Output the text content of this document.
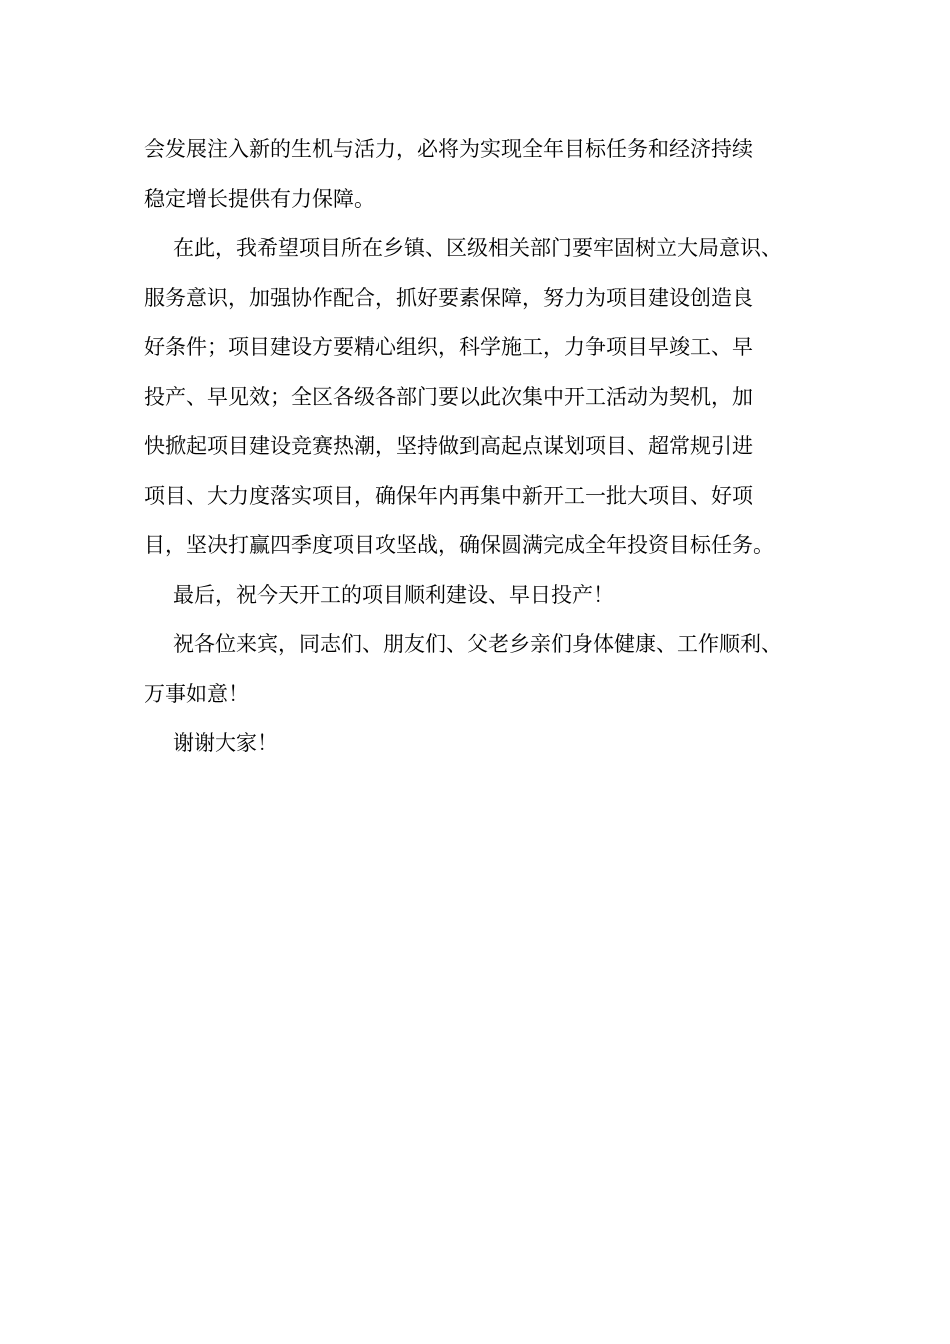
会发展注入新的生机与活力，必将为实现全年目标任务和经济持续
稳定增长提供有力保障。

在此，我希望项目所在乡镇、区级相关部门要牢固树立大局意识、
服务意识，加强协作配合，抓好要素保障，努力为项目建设创造良
好条件；项目建设方要精心组织，科学施工，力争项目早竣工、早
投产、早见效；全区各级各部门要以此次集中开工活动为契机，加
快掀起项目建设竞赛热潮，坚持做到高起点谋划项目、超常规引进
项目、大力度落实项目，确保年内再集中新开工一批大项目、好项
目，坚决打赢四季度项目攻坚战，确保圆满完成全年投资目标任务。

最后，祝今天开工的项目顺利建设、早日投产！

祝各位来宾，同志们、朋友们、父老乡亲们身体健康、工作顺利、
万事如意！

谢谢大家！
